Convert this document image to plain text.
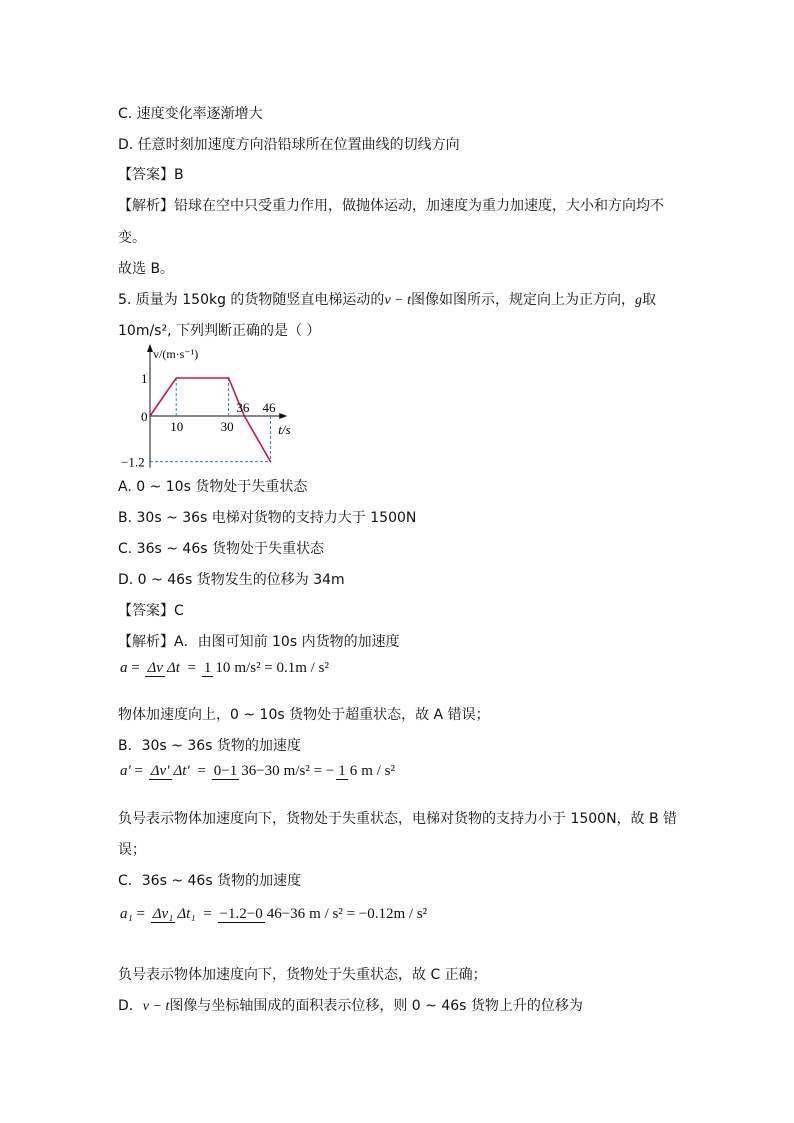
C. 速度变化率逐渐增大
D. 任意时刻加速度方向沿铅球所在位置曲线的切线方向
【答案】B
【解析】铅球在空中只受重力作用，做抛体运动，加速度为重力加速度，大小和方向均不
变。
故选 B。
5. 质量为 150kg 的货物随竖直电梯运动的v − t图像如图所示，规定向上为正方向，g取
10m/s², 下列判断正确的是（ ）
v/(m·s⁻¹)
t/s
10	30
36 46
1
0
−1.2
A. 0 ~ 10s 货物处于失重状态
B. 30s ~ 36s 电梯对货物的支持力大于 1500N
C. 36s ~ 46s 货物处于失重状态
D. 0 ~ 46s 货物发生的位移为 34m
【答案】C
【解析】A．由图可知前 10s 内货物的加速度
a = Δv Δt = 1 10 m/s² = 0.1m / s²
物体加速度向上，0 ~ 10s 货物处于超重状态，故 A 错误；
B．30s ~ 36s 货物的加速度
a′ = Δv′ Δt′ = 0−1 36−30 m/s² = − 1 6 m / s²
负号表示物体加速度向下，货物处于失重状态，电梯对货物的支持力小于 1500N，故 B 错
误；
C．36s ~ 46s 货物的加速度
a₁ = Δv₁ Δt₁ = −1.2−0 46−36 m / s² = −0.12m / s²
负号表示物体加速度向下，货物处于失重状态，故 C 正确；
D．v − t图像与坐标轴围成的面积表示位移，则 0 ~ 46s 货物上升的位移为
